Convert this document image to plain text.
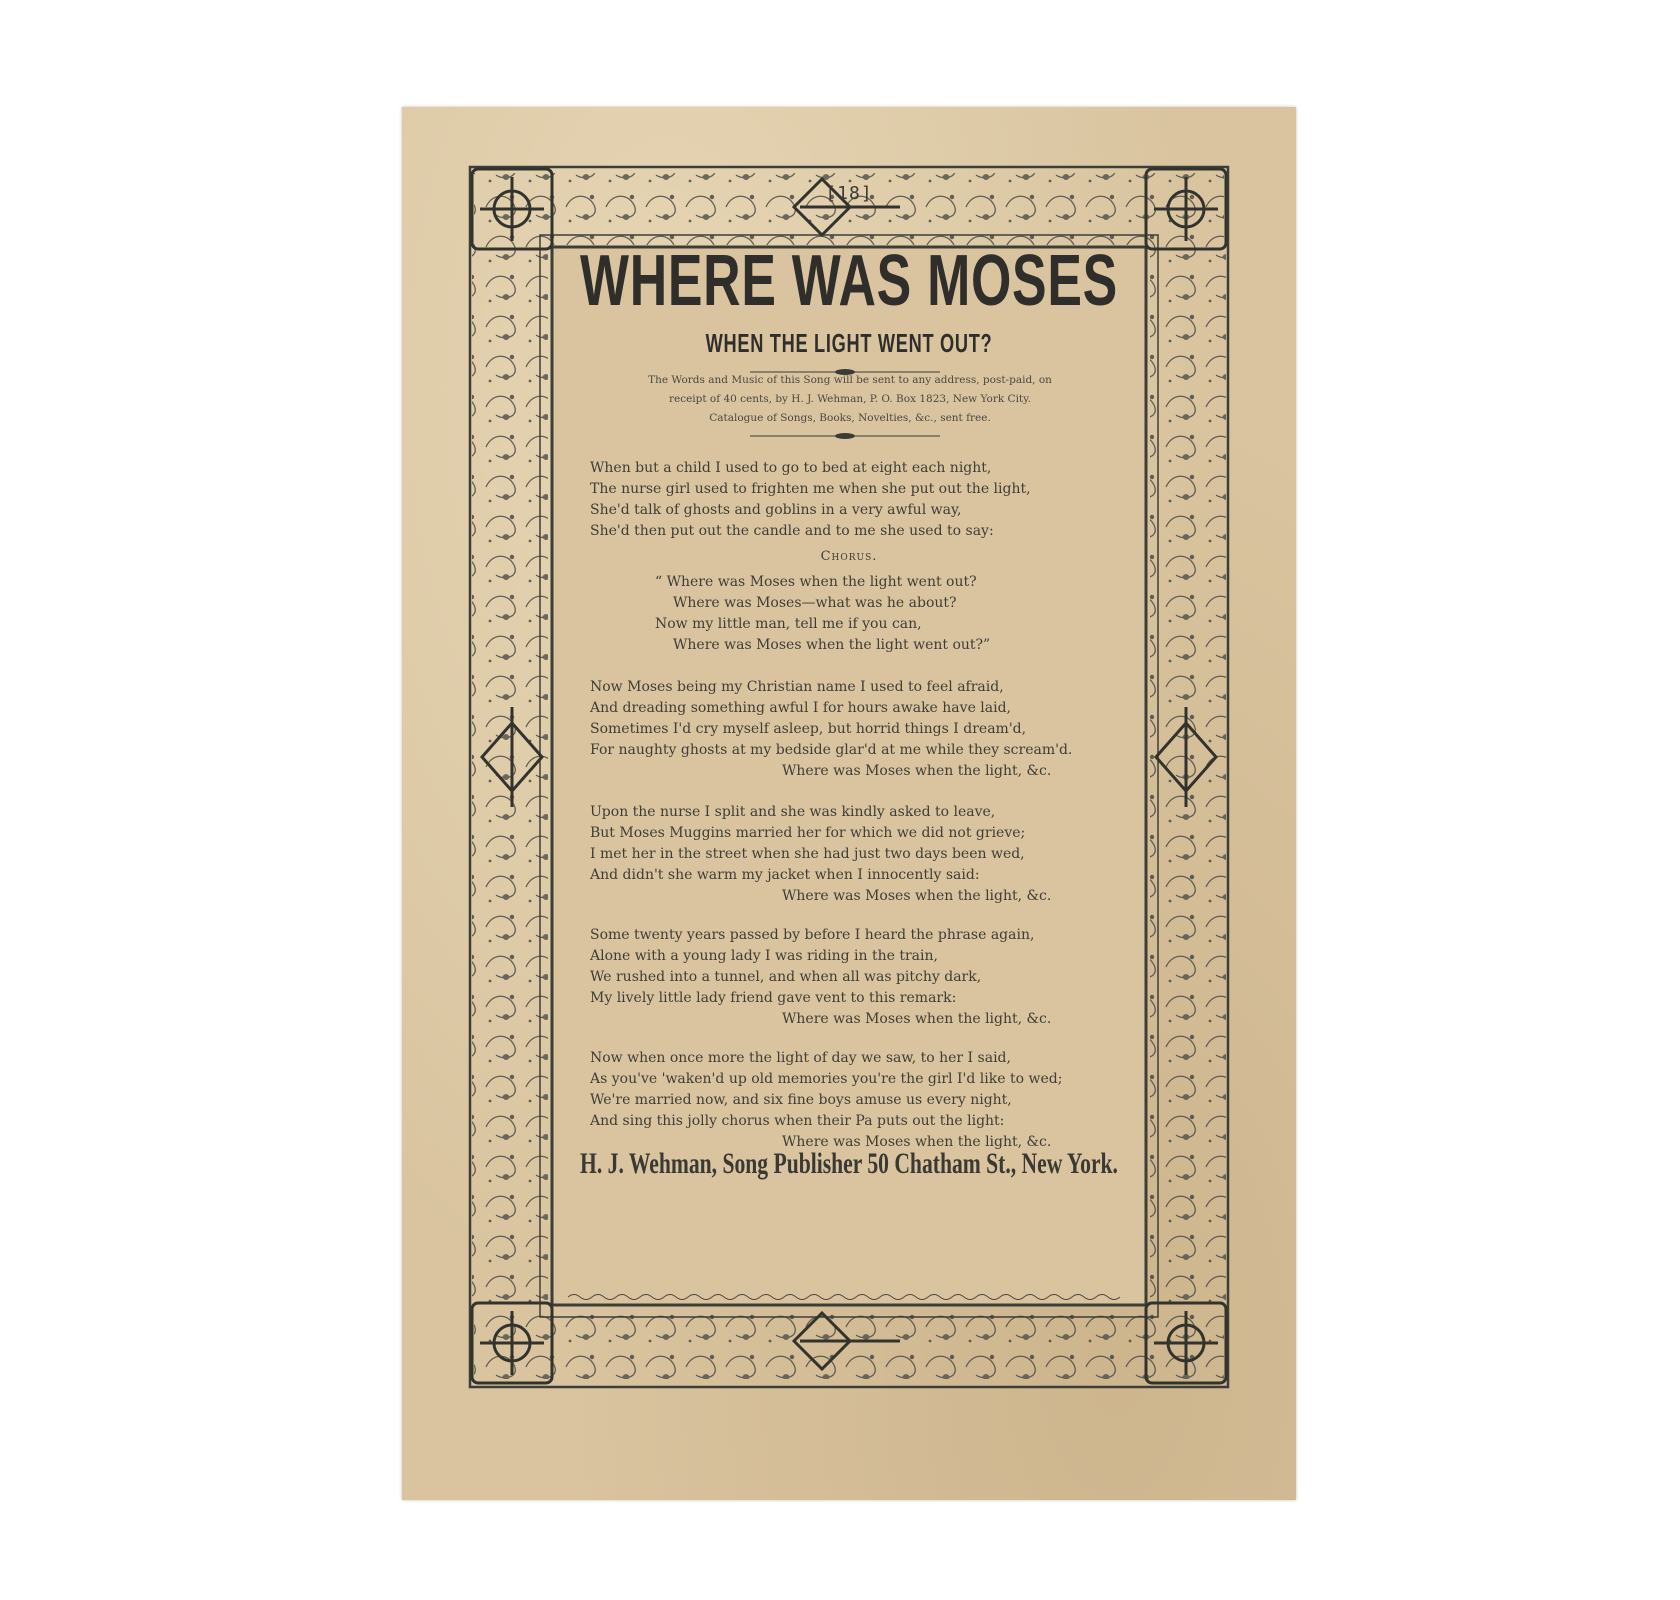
[18]
WHERE WAS MOSES
WHEN THE LIGHT WENT OUT?
The Words and Music of this Song will be sent to any address, post-paid, on
receipt of 40 cents, by H. J. Wehman, P. O. Box 1823, New York City.
Catalogue of Songs, Books, Novelties, &c., sent free.
When but a child I used to go to bed at eight each night,
The nurse girl used to frighten me when she put out the light,
She'd talk of ghosts and goblins in a very awful way,
She'd then put out the candle and to me she used to say:
Chorus.
“ Where was Moses when the light went out?
Where was Moses—what was he about?
Now my little man, tell me if you can,
Where was Moses when the light went out?”
Now Moses being my Christian name I used to feel afraid,
And dreading something awful I for hours awake have laid,
Sometimes I'd cry myself asleep, but horrid things I dream'd,
For naughty ghosts at my bedside glar'd at me while they scream'd.
Where was Moses when the light, &c.
Upon the nurse I split and she was kindly asked to leave,
But Moses Muggins married her for which we did not grieve;
I met her in the street when she had just two days been wed,
And didn't she warm my jacket when I innocently said:
Where was Moses when the light, &c.
Some twenty years passed by before I heard the phrase again,
Alone with a young lady I was riding in the train,
We rushed into a tunnel, and when all was pitchy dark,
My lively little lady friend gave vent to this remark:
Where was Moses when the light, &c.
Now when once more the light of day we saw, to her I said,
As you've 'waken'd up old memories you're the girl I'd like to wed;
We're married now, and six fine boys amuse us every night,
And sing this jolly chorus when their Pa puts out the light:
Where was Moses when the light, &c.
H. J. Wehman, Song Publisher 50 Chatham St., New York.
